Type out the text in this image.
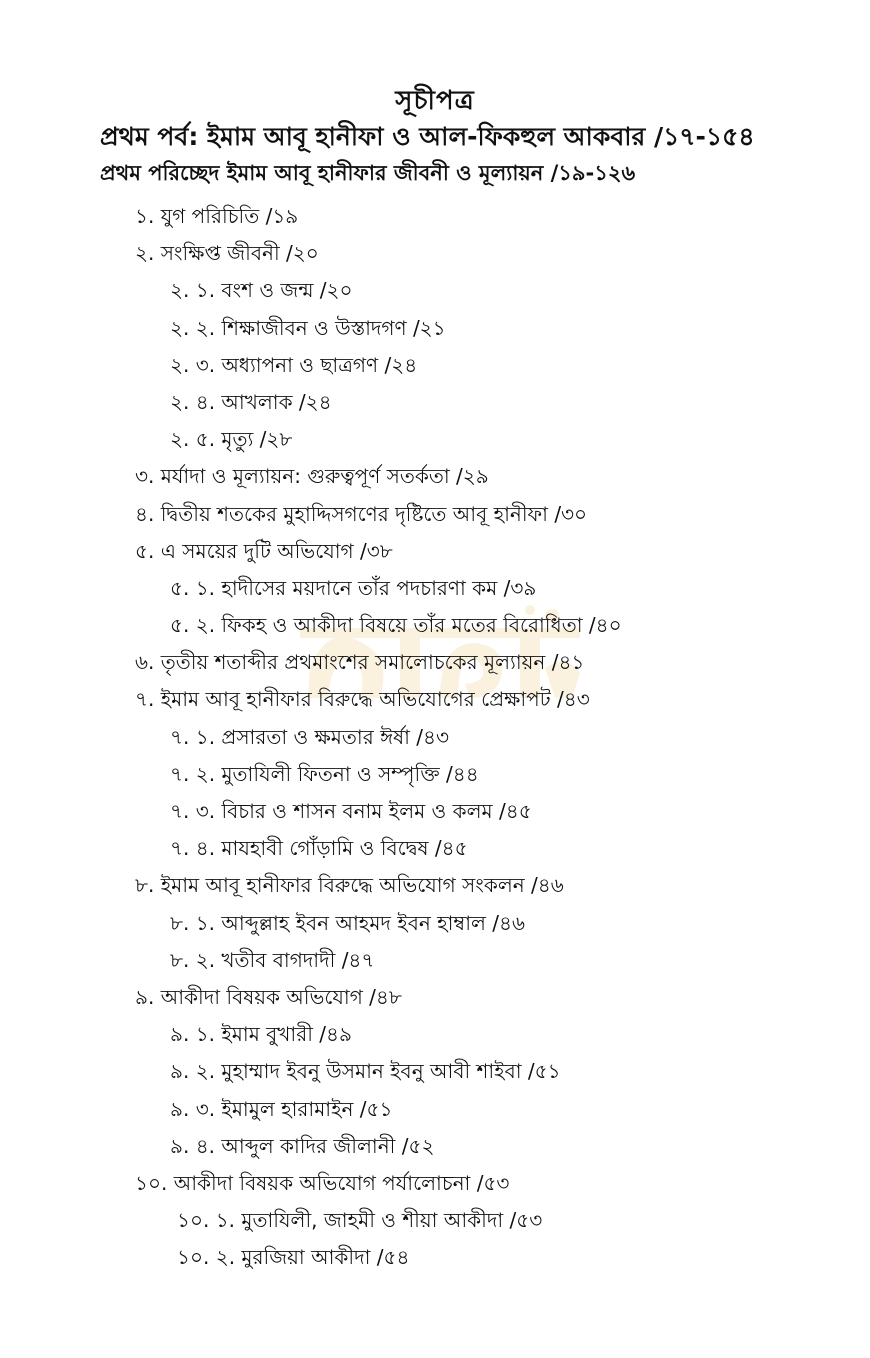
সূচীপত্র
প্রথম পর্ব: ইমাম আবূ হানীফা ও আল-ফিকহুল আকবার /১৭-১৫৪
প্রথম পরিচ্ছেদ ইমাম আবূ হানীফার জীবনী ও মূল্যায়ন /১৯-১২৬
১. যুগ পরিচিতি /১৯
২. সংক্ষিপ্ত জীবনী /২০
২. ১. বংশ ও জন্ম /২০
২. ২. শিক্ষাজীবন ও উস্তাদগণ /২১
২. ৩. অধ্যাপনা ও ছাত্রগণ /২৪
২. ৪. আখলাক /২৪
২. ৫. মৃত্যু /২৮
৩. মর্যাদা ও মূল্যায়ন: গুরুত্বপূর্ণ সতর্কতা /২৯
৪. দ্বিতীয় শতকের মুহাদ্দিসগণের দৃষ্টিতে আবূ হানীফা /৩০
৫. এ সময়ের দুটি অভিযোগ /৩৮
৫. ১. হাদীসের ময়দানে তাঁর পদচারণা কম /৩৯
৫. ২. ফিকহ ও আকীদা বিষয়ে তাঁর মতের বিরোধিতা /৪০
৬. তৃতীয় শতাব্দীর প্রথমাংশের সমালোচকের মূল্যায়ন /৪১
৭. ইমাম আবূ হানীফার বিরুদ্ধে অভিযোগের প্রেক্ষাপট /৪৩
৭. ১. প্রসারতা ও ক্ষমতার ঈর্ষা /৪৩
৭. ২. মুতাযিলী ফিতনা ও সম্পৃক্তি /৪৪
৭. ৩. বিচার ও শাসন বনাম ইলম ও কলম /৪৫
৭. ৪. মাযহাবী গোঁড়ামি ও বিদ্বেষ /৪৫
৮. ইমাম আবূ হানীফার বিরুদ্ধে অভিযোগ সংকলন /৪৬
৮. ১. আব্দুল্লাহ ইবন আহমদ ইবন হাম্বাল /৪৬
৮. ২. খতীব বাগদাদী /৪৭
৯. আকীদা বিষয়ক অভিযোগ /৪৮
৯. ১. ইমাম বুখারী /৪৯
৯. ২. মুহাম্মাদ ইবনু উসমান ইবনু আবী শাইবা /৫১
৯. ৩. ইমামুল হারামাইন /৫১
৯. ৪. আব্দুল কাদির জীলানী /৫২
১০. আকীদা বিষয়ক অভিযোগ পর্যালোচনা /৫৩
১০. ১. মুতাযিলী, জাহমী ও শীয়া আকীদা /৫৩
১০. ২. মুরজিয়া আকীদা /৫৪
